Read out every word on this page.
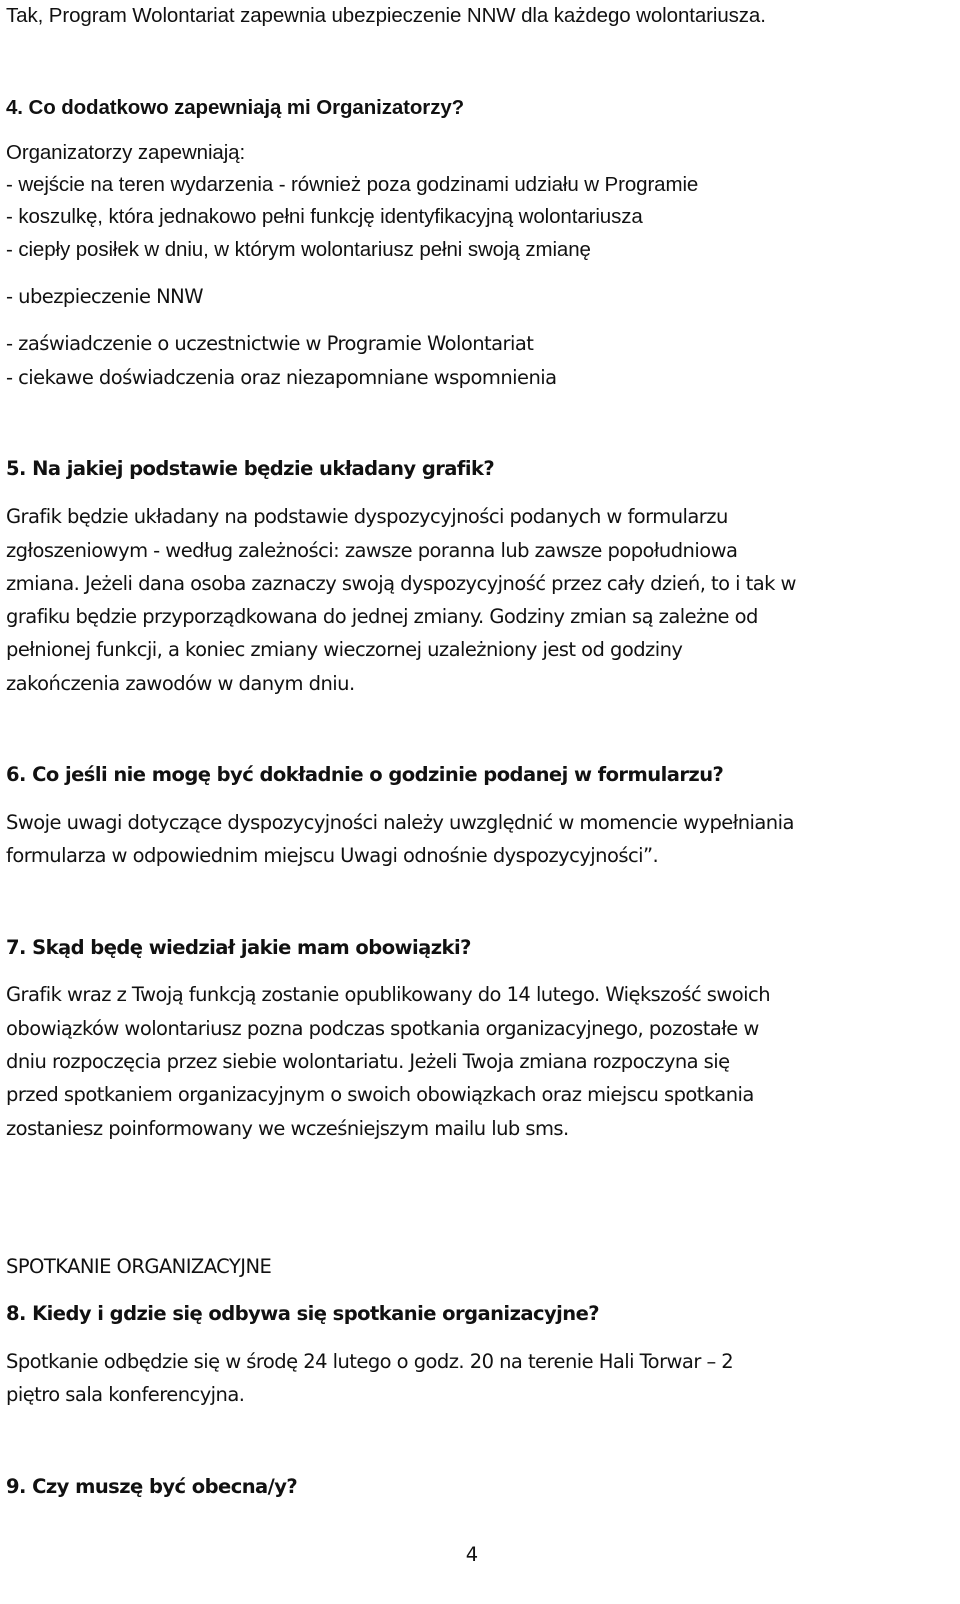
Tak, Program Wolontariat zapewnia ubezpieczenie NNW dla każdego wolontariusza.
4. Co dodatkowo zapewniają mi Organizatorzy?
Organizatorzy zapewniają:
- wejście na teren wydarzenia - również poza godzinami udziału w Programie
- koszulkę, która jednakowo pełni funkcję identyfikacyjną wolontariusza
- ciepły posiłek w dniu, w którym wolontariusz pełni swoją zmianę
- ubezpieczenie NNW
- zaświadczenie o uczestnictwie w Programie Wolontariat
- ciekawe doświadczenia oraz niezapomniane wspomnienia
5. Na jakiej podstawie będzie układany grafik?
Grafik będzie układany na podstawie dyspozycyjności podanych w formularzu
zgłoszeniowym - według zależności: zawsze poranna lub zawsze popołudniowa
zmiana. Jeżeli dana osoba zaznaczy swoją dyspozycyjność przez cały dzień, to i tak w
grafiku będzie przyporządkowana do jednej zmiany. Godziny zmian są zależne od
pełnionej funkcji, a koniec zmiany wieczornej uzależniony jest od godziny
zakończenia zawodów w danym dniu.
6. Co jeśli nie mogę być dokładnie o godzinie podanej w formularzu?
Swoje uwagi dotyczące dyspozycyjności należy uwzględnić w momencie wypełniania
formularza w odpowiednim miejscu Uwagi odnośnie dyspozycyjności”.
7. Skąd będę wiedział jakie mam obowiązki?
Grafik wraz z Twoją funkcją zostanie opublikowany do 14 lutego. Większość swoich
obowiązków wolontariusz pozna podczas spotkania organizacyjnego, pozostałe w
dniu rozpoczęcia przez siebie wolontariatu. Jeżeli Twoja zmiana rozpoczyna się
przed spotkaniem organizacyjnym o swoich obowiązkach oraz miejscu spotkania
zostaniesz poinformowany we wcześniejszym mailu lub sms.
SPOTKANIE ORGANIZACYJNE
8. Kiedy i gdzie się odbywa się spotkanie organizacyjne?
Spotkanie odbędzie się w środę 24 lutego o godz. 20 na terenie Hali Torwar – 2
piętro sala konferencyjna.
9. Czy muszę być obecna/y?
4
